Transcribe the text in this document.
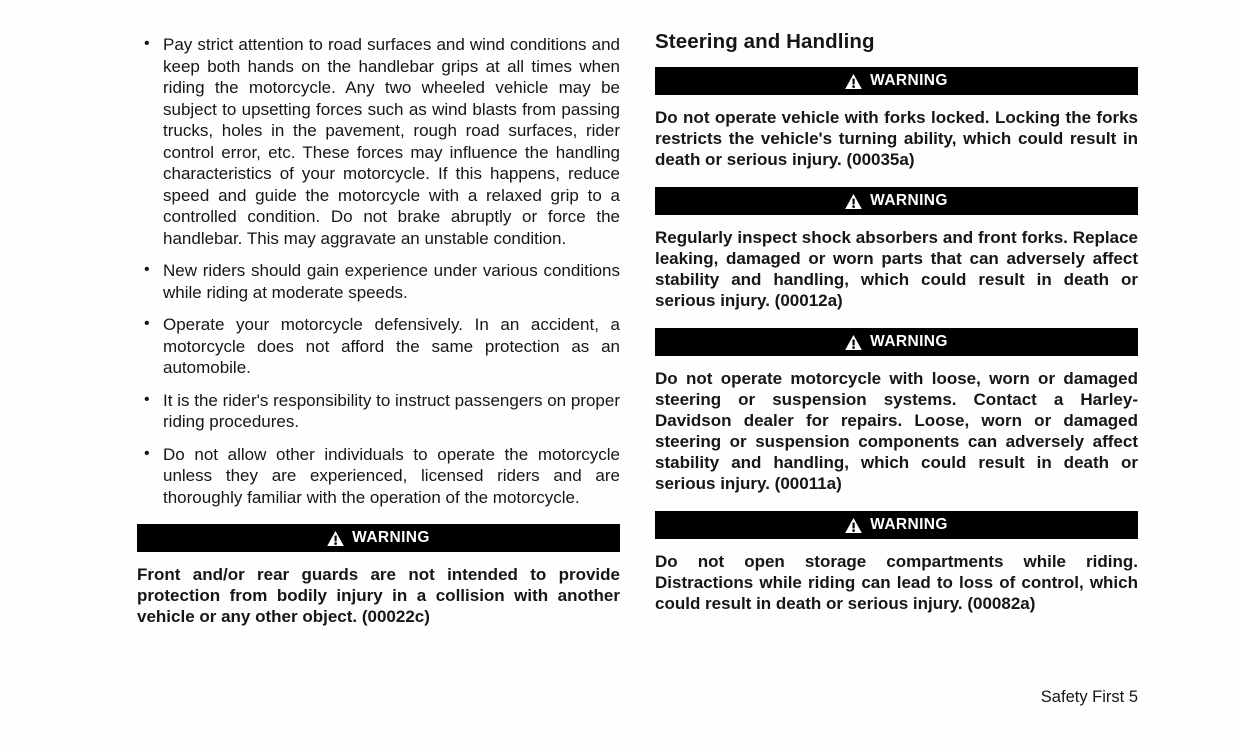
• Pay strict attention to road surfaces and wind conditions and keep both hands on the handlebar grips at all times when riding the motorcycle. Any two wheeled vehicle may be subject to upsetting forces such as wind blasts from passing trucks, holes in the pavement, rough road surfaces, rider control error, etc. These forces may influence the handling characteristics of your motorcycle. If this happens, reduce speed and guide the motorcycle with a relaxed grip to a controlled condition. Do not brake abruptly or force the handlebar. This may aggravate an unstable condition.
• New riders should gain experience under various conditions while riding at moderate speeds.
• Operate your motorcycle defensively. In an accident, a motorcycle does not afford the same protection as an automobile.
• It is the rider's responsibility to instruct passengers on proper riding procedures.
• Do not allow other individuals to operate the motorcycle unless they are experienced, licensed riders and are thoroughly familiar with the operation of the motorcycle.
WARNING

Front and/or rear guards are not intended to provide protection from bodily injury in a collision with another vehicle or any other object. (00022c)

Steering and Handling
WARNING

Do not operate vehicle with forks locked. Locking the forks restricts the vehicle's turning ability, which could result in death or serious injury. (00035a)

WARNING

Regularly inspect shock absorbers and front forks. Replace leaking, damaged or worn parts that can adversely affect stability and handling, which could result in death or serious injury. (00012a)

WARNING

Do not operate motorcycle with loose, worn or damaged steering or suspension systems. Contact a Harley-Davidson dealer for repairs. Loose, worn or damaged steering or suspension components can adversely affect stability and handling, which could result in death or serious injury. (00011a)

WARNING

Do not open storage compartments while riding. Distractions while riding can lead to loss of control, which could result in death or serious injury. (00082a)

Safety First 5
